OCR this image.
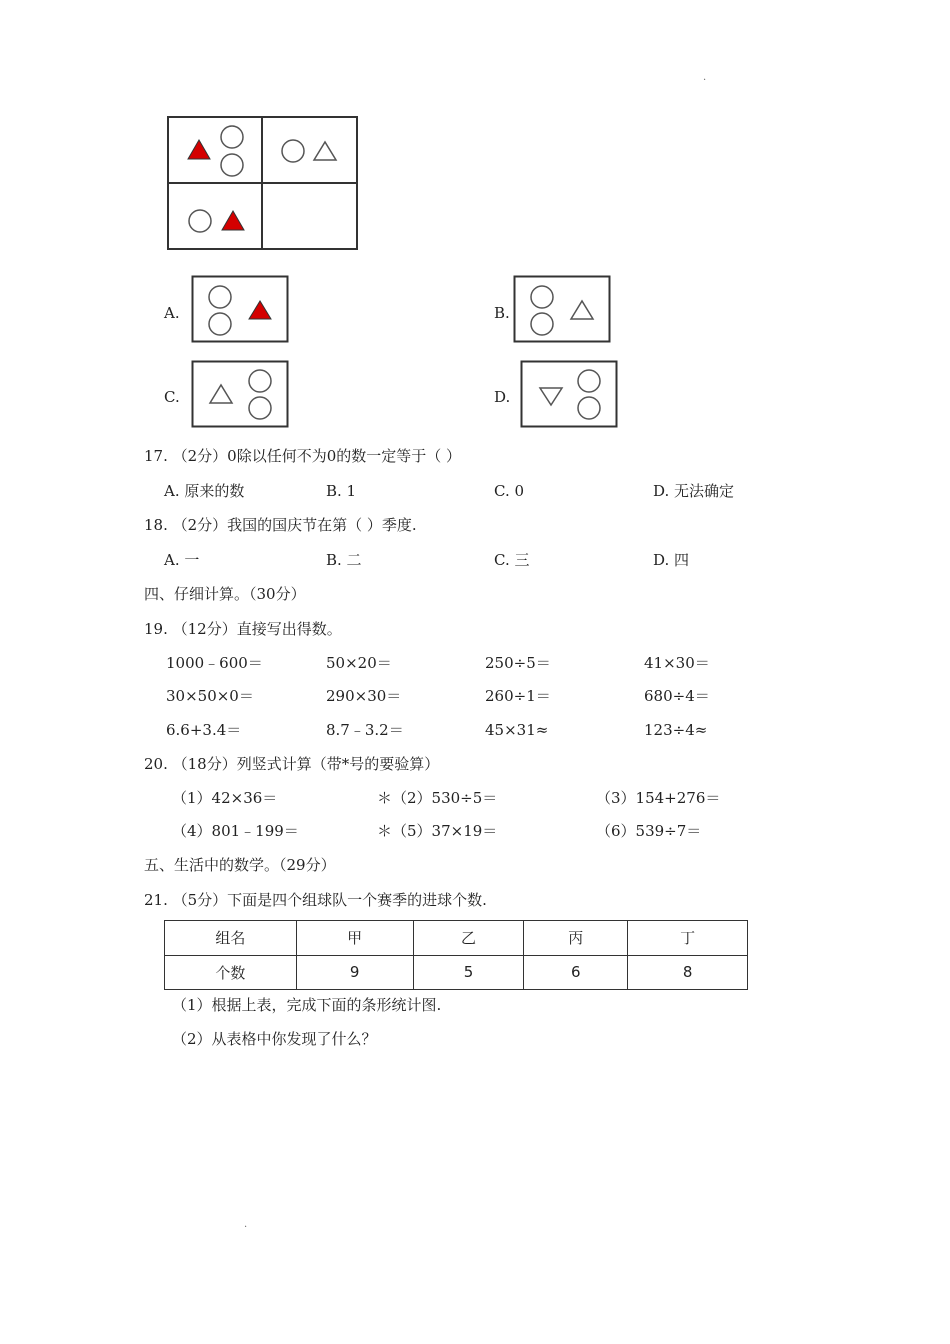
.
A.	B.
C.	D.
17. （2分）0除以任何不为0的数一定等于（ ）
A. 原来的数	B. 1	C. 0	D. 无法确定
18. （2分）我国的国庆节在第（ ）季度.
A. 一	B. 二	C. 三	D. 四
四、仔细计算。（30分）
19. （12分）直接写出得数。
1000﹣600＝	50×20＝	250÷5＝	41×30＝
30×50×0＝	290×30＝	260÷1＝	680÷4＝
6.6+3.4＝	8.7﹣3.2＝	45×31≈	123÷4≈
20. （18分）列竖式计算（带*号的要验算）
（1）42×36＝	＊（2）530÷5＝	（3）154+276＝
（4）801﹣199＝	＊（5）37×19＝	（6）539÷7＝
五、生活中的数学。（29分）
21. （5分）下面是四个组球队一个赛季的进球个数.
组名	甲	乙	丙	丁
个数	9	5	6	8
（1）根据上表，完成下面的条形统计图.
（2）从表格中你发现了什么？
.
